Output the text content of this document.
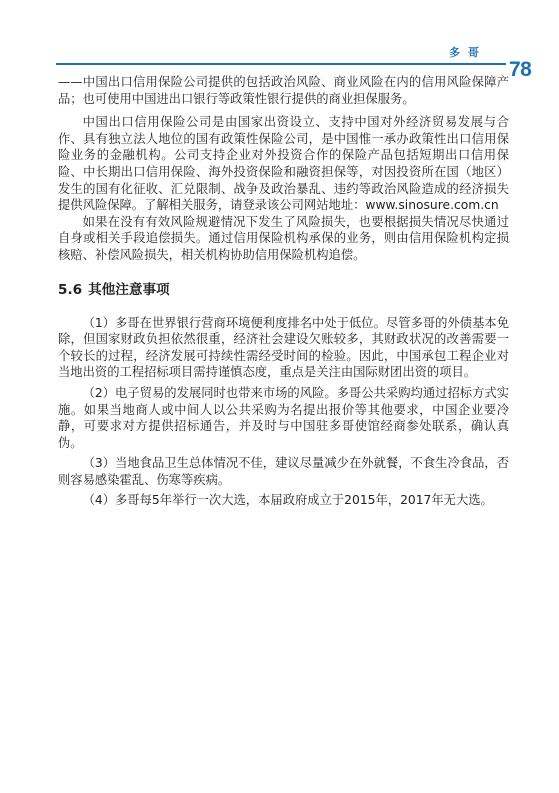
多 哥
78

——中国出口信用保险公司提供的包括政治风险、商业风险在内的信用风险保障产品；也可使用中国进出口银行等政策性银行提供的商业担保服务。

中国出口信用保险公司是由国家出资设立、支持中国对外经济贸易发展与合作、具有独立法人地位的国有政策性保险公司，是中国惟一承办政策性出口信用保险业务的金融机构。公司支持企业对外投资合作的保险产品包括短期出口信用保险、中长期出口信用保险、海外投资保险和融资担保等，对因投资所在国（地区）发生的国有化征收、汇兑限制、战争及政治暴乱、违约等政治风险造成的经济损失提供风险保障。了解相关服务，请登录该公司网站地址：www.sinosure.com.cn

如果在没有有效风险规避情况下发生了风险损失，也要根据损失情况尽快通过自身或相关手段追偿损失。通过信用保险机构承保的业务，则由信用保险机构定损核赔、补偿风险损失，相关机构协助信用保险机构追偿。

5.6 其他注意事项

（1）多哥在世界银行营商环境便利度排名中处于低位。尽管多哥的外债基本免除，但国家财政负担依然很重，经济社会建设欠账较多，其财政状况的改善需要一个较长的过程，经济发展可持续性需经受时间的检验。因此，中国承包工程企业对当地出资的工程招标项目需持谨慎态度，重点是关注由国际财团出资的项目。

（2）电子贸易的发展同时也带来市场的风险。多哥公共采购均通过招标方式实施。如果当地商人或中间人以公共采购为名提出报价等其他要求，中国企业要冷静，可要求对方提供招标通告，并及时与中国驻多哥使馆经商参处联系，确认真伪。

（3）当地食品卫生总体情况不佳，建议尽量减少在外就餐，不食生冷食品，否则容易感染霍乱、伤寒等疾病。

（4）多哥每5年举行一次大选，本届政府成立于2015年，2017年无大选。
